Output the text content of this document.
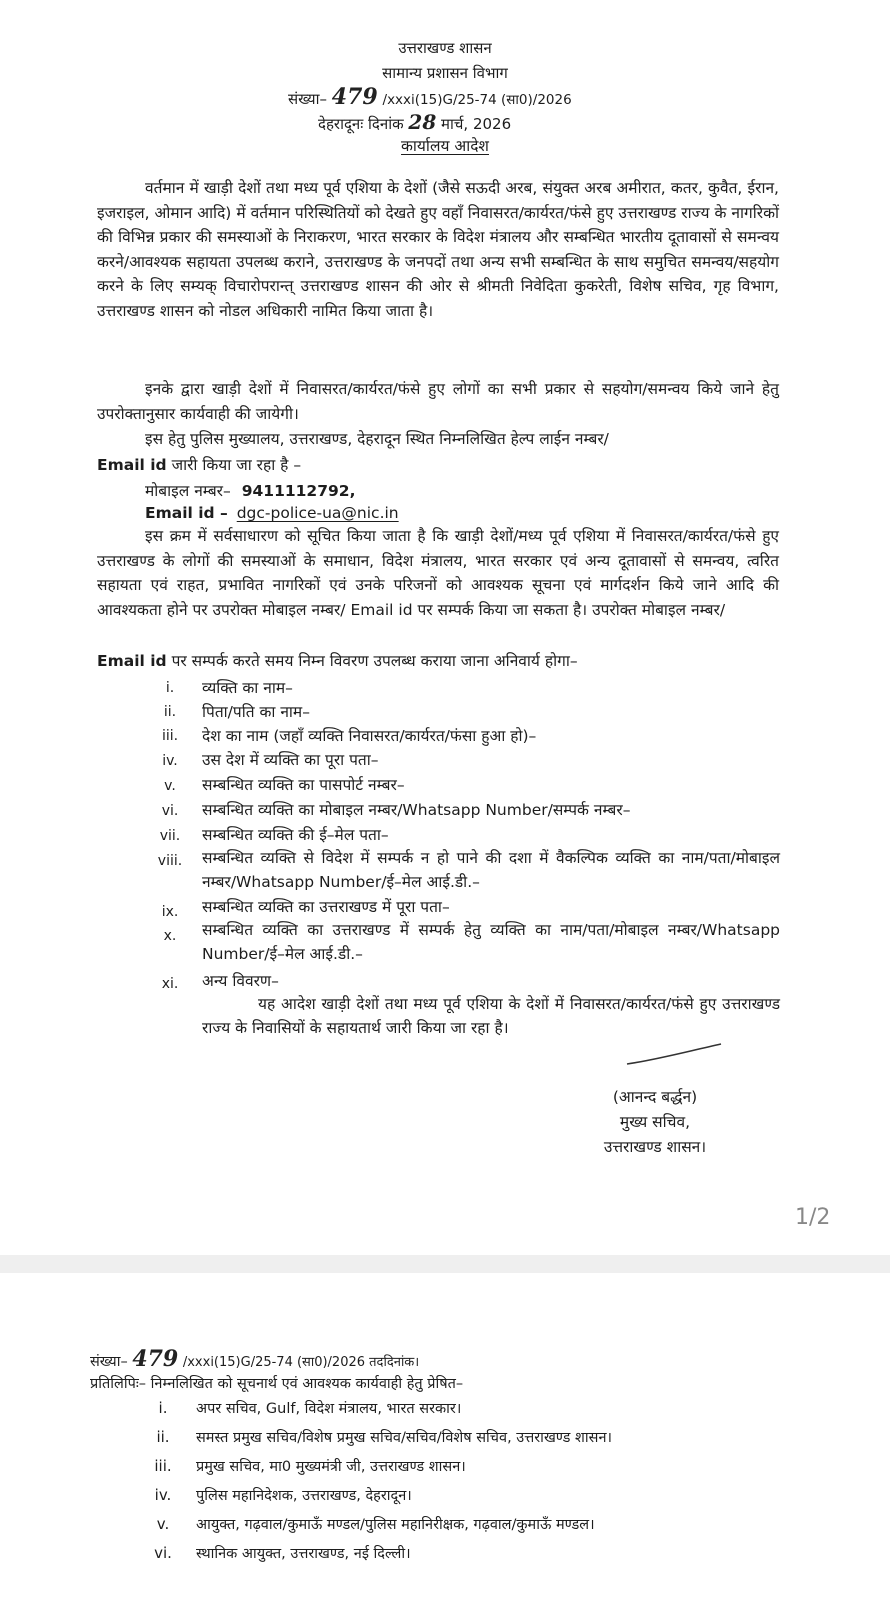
उत्तराखण्ड शासन
सामान्य प्रशासन विभाग
संख्या– 479 /xxxi(15)G/25-74 (सा0)/2026
देहरादूनः दिनांक 28 मार्च, 2026
कार्यालय आदेश
वर्तमान में खाड़ी देशों तथा मध्य पूर्व एशिया के देशों (जैसे सऊदी अरब, संयुक्त अरब अमीरात, कतर, कुवैत, ईरान, इजराइल, ओमान आदि) में वर्तमान परिस्थितियों को देखते हुए वहाँ निवासरत/कार्यरत/फंसे हुए उत्तराखण्ड राज्य के नागरिकों की विभिन्न प्रकार की समस्याओं के निराकरण, भारत सरकार के विदेश मंत्रालय और सम्बन्धित भारतीय दूतावासों से समन्वय करने/आवश्यक सहायता उपलब्ध कराने, उत्तराखण्ड के जनपदों तथा अन्य सभी सम्बन्धित के साथ समुचित समन्वय/सहयोग करने के लिए सम्यक् विचारोपरान्त् उत्तराखण्ड शासन की ओर से श्रीमती निवेदिता कुकरेती, विशेष सचिव, गृह विभाग, उत्तराखण्ड शासन को नोडल अधिकारी नामित किया जाता है।
इनके द्वारा खाड़ी देशों में निवासरत/कार्यरत/फंसे हुए लोगों का सभी प्रकार से सहयोग/समन्वय किये जाने हेतु उपरोक्तानुसार कार्यवाही की जायेगी।
इस हेतु पुलिस मुख्यालय, उत्तराखण्ड, देहरादून स्थित निम्नलिखित हेल्प लाईन नम्बर/
Email id जारी किया जा रहा है –
मोबाइल नम्बर– 9411112792,
Email id – dgc-police-ua@nic.in
इस क्रम में सर्वसाधारण को सूचित किया जाता है कि खाड़ी देशों/मध्य पूर्व एशिया में निवासरत/कार्यरत/फंसे हुए उत्तराखण्ड के लोगों की समस्याओं के समाधान, विदेश मंत्रालय, भारत सरकार एवं अन्य दूतावासों से समन्वय, त्वरित सहायता एवं राहत, प्रभावित नागरिकों एवं उनके परिजनों को आवश्यक सूचना एवं मार्गदर्शन किये जाने आदि की आवश्यकता होने पर उपरोक्त मोबाइल नम्बर/ Email id पर सम्पर्क किया जा सकता है। उपरोक्त मोबाइल नम्बर/
Email id पर सम्पर्क करते समय निम्न विवरण उपलब्ध कराया जाना अनिवार्य होगा–
i.	व्यक्ति का नाम–
ii.	पिता/पति का नाम–
iii.	देश का नाम (जहाँ व्यक्ति निवासरत/कार्यरत/फंसा हुआ हो)–
iv.	उस देश में व्यक्ति का पूरा पता–
v.	सम्बन्धित व्यक्ति का पासपोर्ट नम्बर–
vi.	सम्बन्धित व्यक्ति का मोबाइल नम्बर/Whatsapp Number/सम्पर्क नम्बर–
vii.	सम्बन्धित व्यक्ति की ई–मेल पता–
viii. सम्बन्धित व्यक्ति से विदेश में सम्पर्क न हो पाने की दशा में वैकल्पिक व्यक्ति का नाम/पता/मोबाइल नम्बर/Whatsapp Number/ई–मेल आई.डी.–
ix.	सम्बन्धित व्यक्ति का उत्तराखण्ड में पूरा पता–
x.	सम्बन्धित व्यक्ति का उत्तराखण्ड में सम्पर्क हेतु व्यक्ति का नाम/पता/मोबाइल नम्बर/Whatsapp Number/ई–मेल आई.डी.–
xi.	अन्य विवरण–
यह आदेश खाड़ी देशों तथा मध्य पूर्व एशिया के देशों में निवासरत/कार्यरत/फंसे हुए उत्तराखण्ड राज्य के निवासियों के सहायतार्थ जारी किया जा रहा है।
(आनन्द बर्द्धन)
मुख्य सचिव,
उत्तराखण्ड शासन।
1/2
संख्या– 479 /xxxi(15)G/25-74 (सा0)/2026 तददिनांक।
प्रतिलिपिः– निम्नलिखित को सूचनार्थ एवं आवश्यक कार्यवाही हेतु प्रेषित–
i.	अपर सचिव, Gulf, विदेश मंत्रालय, भारत सरकार।
ii.	समस्त प्रमुख सचिव/विशेष प्रमुख सचिव/सचिव/विशेष सचिव, उत्तराखण्ड शासन।
iii.	प्रमुख सचिव, मा0 मुख्यमंत्री जी, उत्तराखण्ड शासन।
iv.	पुलिस महानिदेशक, उत्तराखण्ड, देहरादून।
v.	आयुक्त, गढ़वाल/कुमाऊँ मण्डल/पुलिस महानिरीक्षक, गढ़वाल/कुमाऊँ मण्डल।
vi.	स्थानिक आयुक्त, उत्तराखण्ड, नई दिल्ली।
